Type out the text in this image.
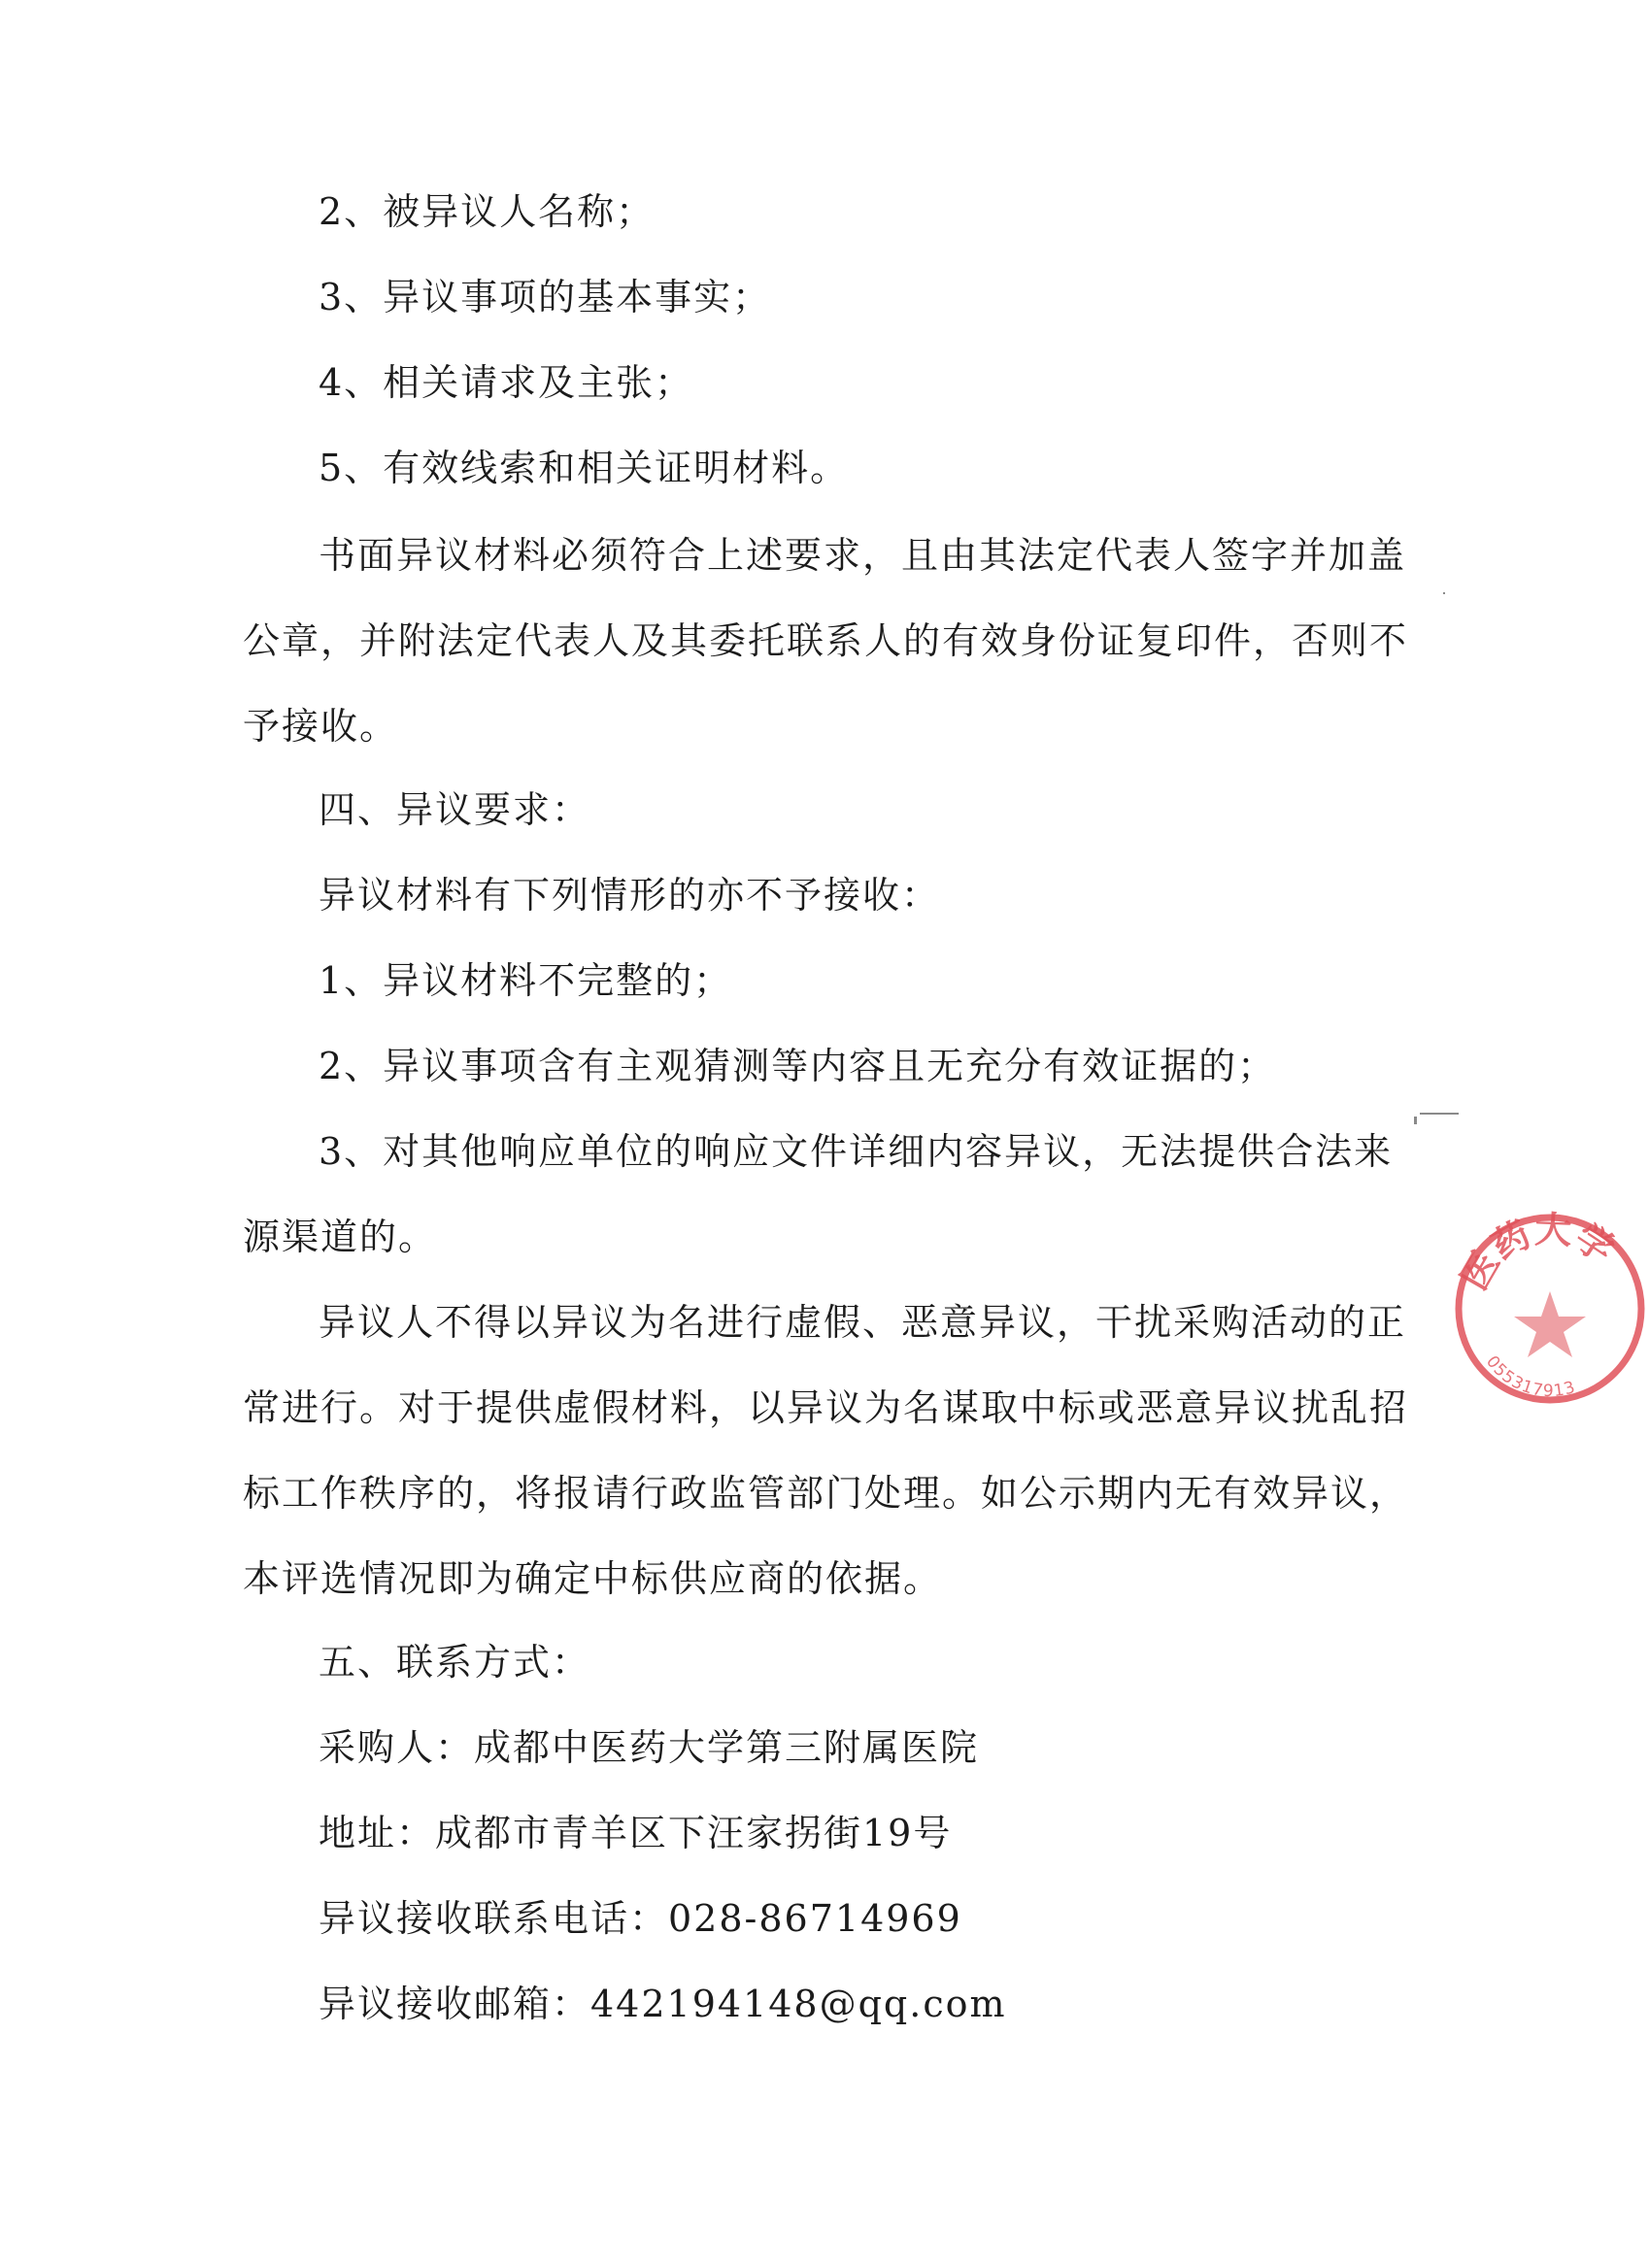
2、被异议人名称；
3、异议事项的基本事实；
4、相关请求及主张；
5、有效线索和相关证明材料。
书面异议材料必须符合上述要求，且由其法定代表人签字并加盖
公章，并附法定代表人及其委托联系人的有效身份证复印件，否则不
予接收。
四、异议要求：
异议材料有下列情形的亦不予接收：
1、异议材料不完整的；
2、异议事项含有主观猜测等内容且无充分有效证据的；
3、对其他响应单位的响应文件详细内容异议，无法提供合法来
源渠道的。
异议人不得以异议为名进行虚假、恶意异议，干扰采购活动的正
常进行。对于提供虚假材料，以异议为名谋取中标或恶意异议扰乱招
标工作秩序的，将报请行政监管部门处理。如公示期内无有效异议，
本评选情况即为确定中标供应商的依据。
五、联系方式：
采购人：成都中医药大学第三附属医院
地址：成都市青羊区下汪家拐街19号
异议接收联系电话：028-86714969
异议接收邮箱：442194148@qq.com
医药大学
055317913
